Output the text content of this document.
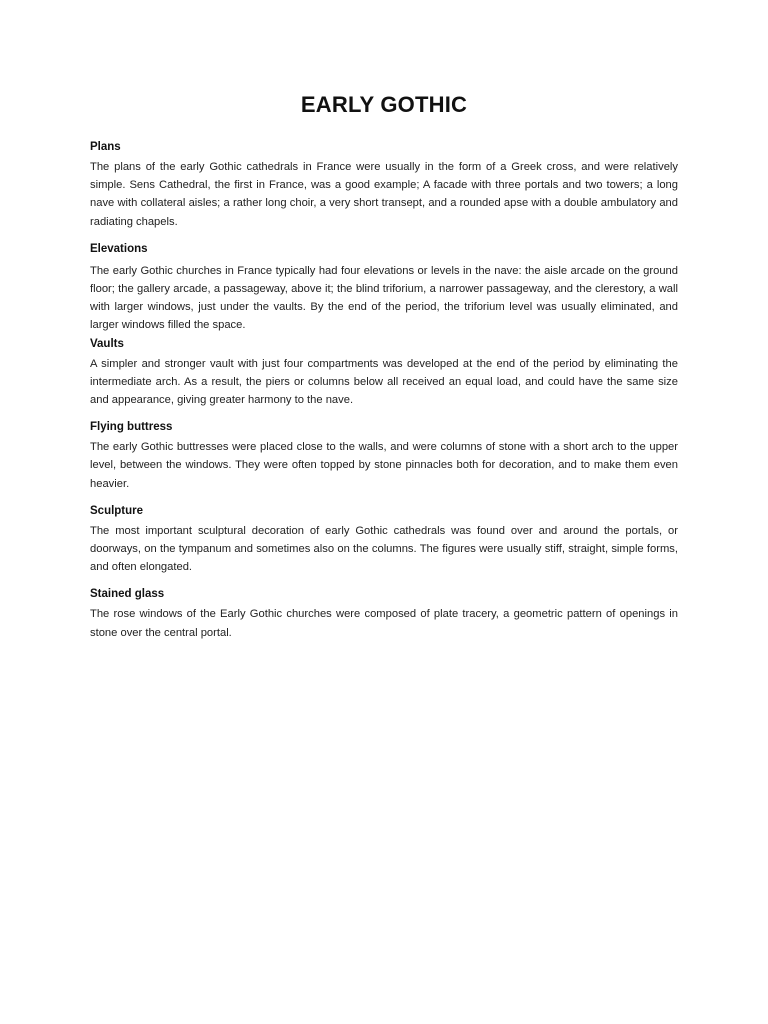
EARLY GOTHIC
Plans

The plans of the early Gothic cathedrals in France were usually in the form of a Greek cross, and were relatively simple. Sens Cathedral, the first in France, was a good example; A facade with three portals and two towers; a long nave with collateral aisles; a rather long choir, a very short transept, and a rounded apse with a double ambulatory and radiating chapels.

Elevations

The early Gothic churches in France typically had four elevations or levels in the nave: the aisle arcade on the ground floor; the gallery arcade, a passageway, above it; the blind triforium, a narrower passageway, and the clerestory, a wall with larger windows, just under the vaults. By the end of the period, the triforium level was usually eliminated, and larger windows filled the space.

Vaults

A simpler and stronger vault with just four compartments was developed at the end of the period by eliminating the intermediate arch. As a result, the piers or columns below all received an equal load, and could have the same size and appearance, giving greater harmony to the nave.

Flying buttress

The early Gothic buttresses were placed close to the walls, and were columns of stone with a short arch to the upper level, between the windows. They were often topped by stone pinnacles both for decoration, and to make them even heavier.

Sculpture

The most important sculptural decoration of early Gothic cathedrals was found over and around the portals, or doorways, on the tympanum and sometimes also on the columns. The figures were usually stiff, straight, simple forms, and often elongated.

Stained glass

The rose windows of the Early Gothic churches were composed of plate tracery, a geometric pattern of openings in stone over the central portal.
